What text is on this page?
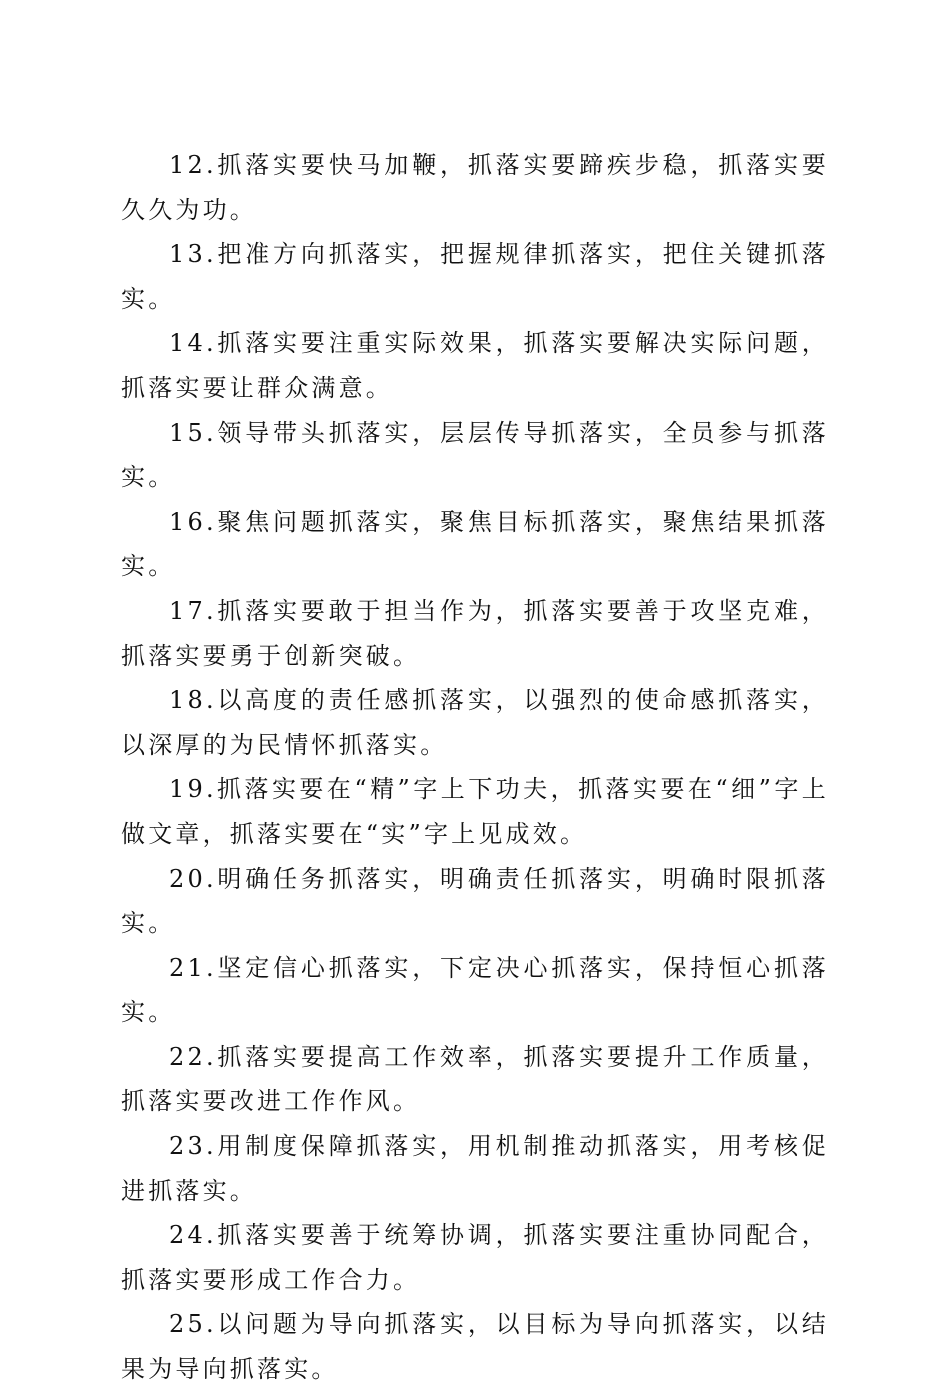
12.抓落实要快马加鞭，抓落实要蹄疾步稳，抓落实要久久为功。

13.把准方向抓落实，把握规律抓落实，把住关键抓落实。

14.抓落实要注重实际效果，抓落实要解决实际问题，抓落实要让群众满意。

15.领导带头抓落实，层层传导抓落实，全员参与抓落实。

16.聚焦问题抓落实，聚焦目标抓落实，聚焦结果抓落实。

17.抓落实要敢于担当作为，抓落实要善于攻坚克难，抓落实要勇于创新突破。

18.以高度的责任感抓落实，以强烈的使命感抓落实，以深厚的为民情怀抓落实。

19.抓落实要在“精”字上下功夫，抓落实要在“细”字上做文章，抓落实要在“实”字上见成效。

20.明确任务抓落实，明确责任抓落实，明确时限抓落实。

21.坚定信心抓落实，下定决心抓落实，保持恒心抓落实。

22.抓落实要提高工作效率，抓落实要提升工作质量，抓落实要改进工作作风。

23.用制度保障抓落实，用机制推动抓落实，用考核促进抓落实。

24.抓落实要善于统筹协调，抓落实要注重协同配合，抓落实要形成工作合力。

25.以问题为导向抓落实，以目标为导向抓落实，以结果为导向抓落实。
